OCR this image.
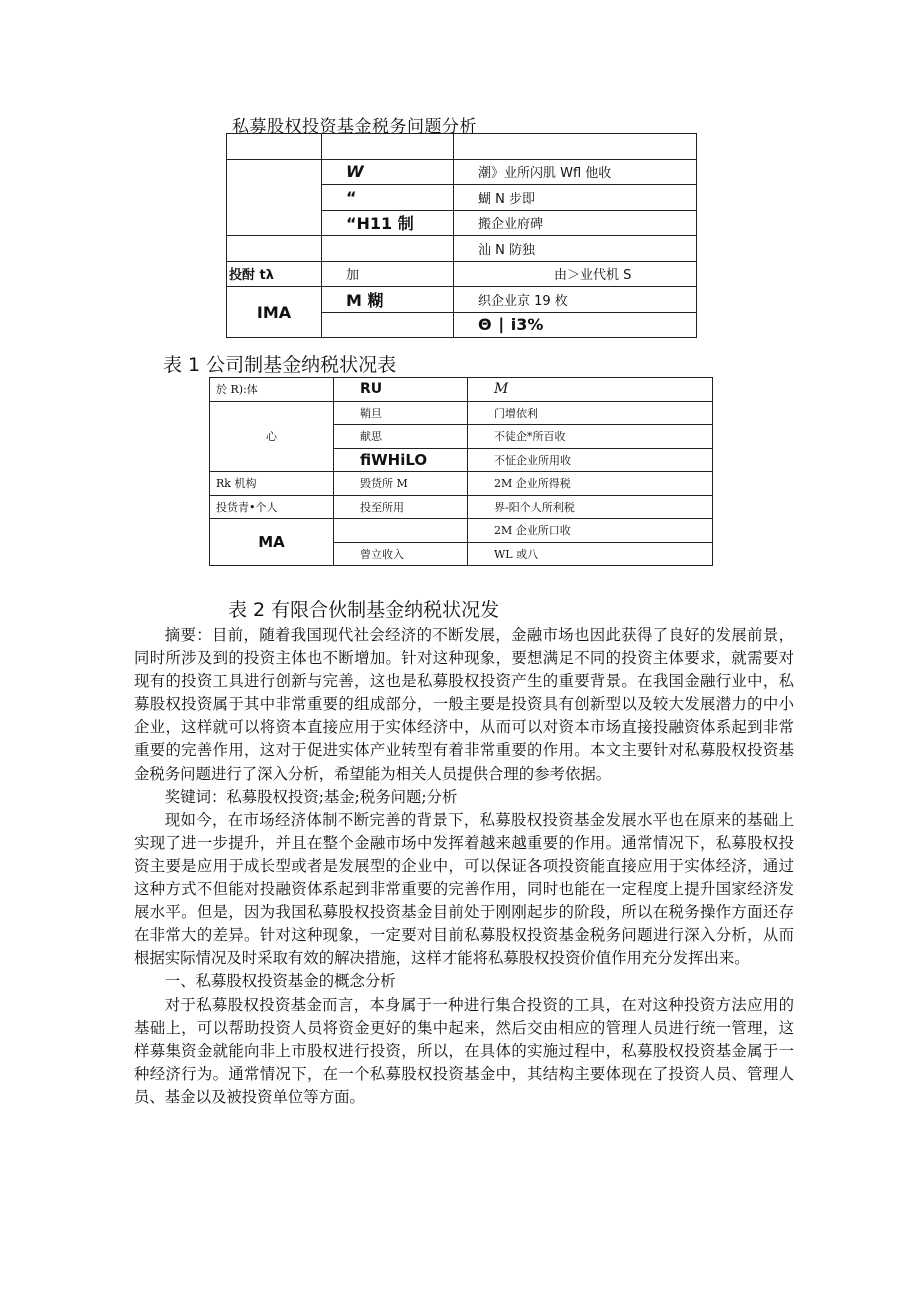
私募股权投资基金税务问题分析

	W	潮》业所闪肌 Wfl 他收
	“	蝴 N 步即
	“H11 制	搬企业府碑
		汕 N 防独
投酎 tλ	加	由＞业代机 S
IMA	M 糊	织企业京 19 枚
		Θ ∣ i3%
表 1 公司制基金纳税状况表
於 R):体	RU	M
心	鞘旦	门增依利
	献思	不徒企*所百收
	fiWHiLO	不怔企业所用收
Rk 机构	毁货所 M	2M 企业所得税
投货青•个人	投至所用	界-阳个人所利税
MA		2M 企业所口收
	曾立收入	WL 或八
表 2 有限合伙制基金纳税状况发

摘要：目前，随着我国现代社会经济的不断发展，金融市场也因此获得了良好的发展前景，同时所涉及到的投资主体也不断增加。针对这种现象，要想满足不同的投资主体要求，就需要对现有的投资工具进行创新与完善，这也是私募股权投资产生的重要背景。在我国金融行业中，私募股权投资属于其中非常重要的组成部分，一般主要是投资具有创新型以及较大发展潜力的中小企业，这样就可以将资本直接应用于实体经济中，从而可以对资本市场直接投融资体系起到非常重要的完善作用，这对于促进实体产业转型有着非常重要的作用。本文主要针对私募股权投资基金税务问题进行了深入分析，希望能为相关人员提供合理的参考依据。

奖键词：私募股权投资;基金;税务问题;分析

现如今，在市场经济体制不断完善的背景下，私募股权投资基金发展水平也在原来的基础上实现了进一步提升，并且在整个金融市场中发挥着越来越重要的作用。通常情况下，私募股权投资主要是应用于成长型或者是发展型的企业中，可以保证各项投资能直接应用于实体经济，通过这种方式不但能对投融资体系起到非常重要的完善作用，同时也能在一定程度上提升国家经济发展水平。但是，因为我国私募股权投资基金目前处于刚刚起步的阶段，所以在税务操作方面还存在非常大的差异。针对这种现象，一定要对目前私募股权投资基金税务问题进行深入分析，从而根据实际情况及时采取有效的解决措施，这样才能将私募股权投资价值作用充分发挥出来。

一、私募股权投资基金的概念分析

对于私募股权投资基金而言，本身属于一种进行集合投资的工具，在对这种投资方法应用的基础上，可以帮助投资人员将资金更好的集中起来，然后交由相应的管理人员进行统一管理，这样募集资金就能向非上市股权进行投资，所以，在具体的实施过程中，私募股权投资基金属于一种经济行为。通常情况下，在一个私募股权投资基金中，其结构主要体现在了投资人员、管理人员、基金以及被投资单位等方面。
